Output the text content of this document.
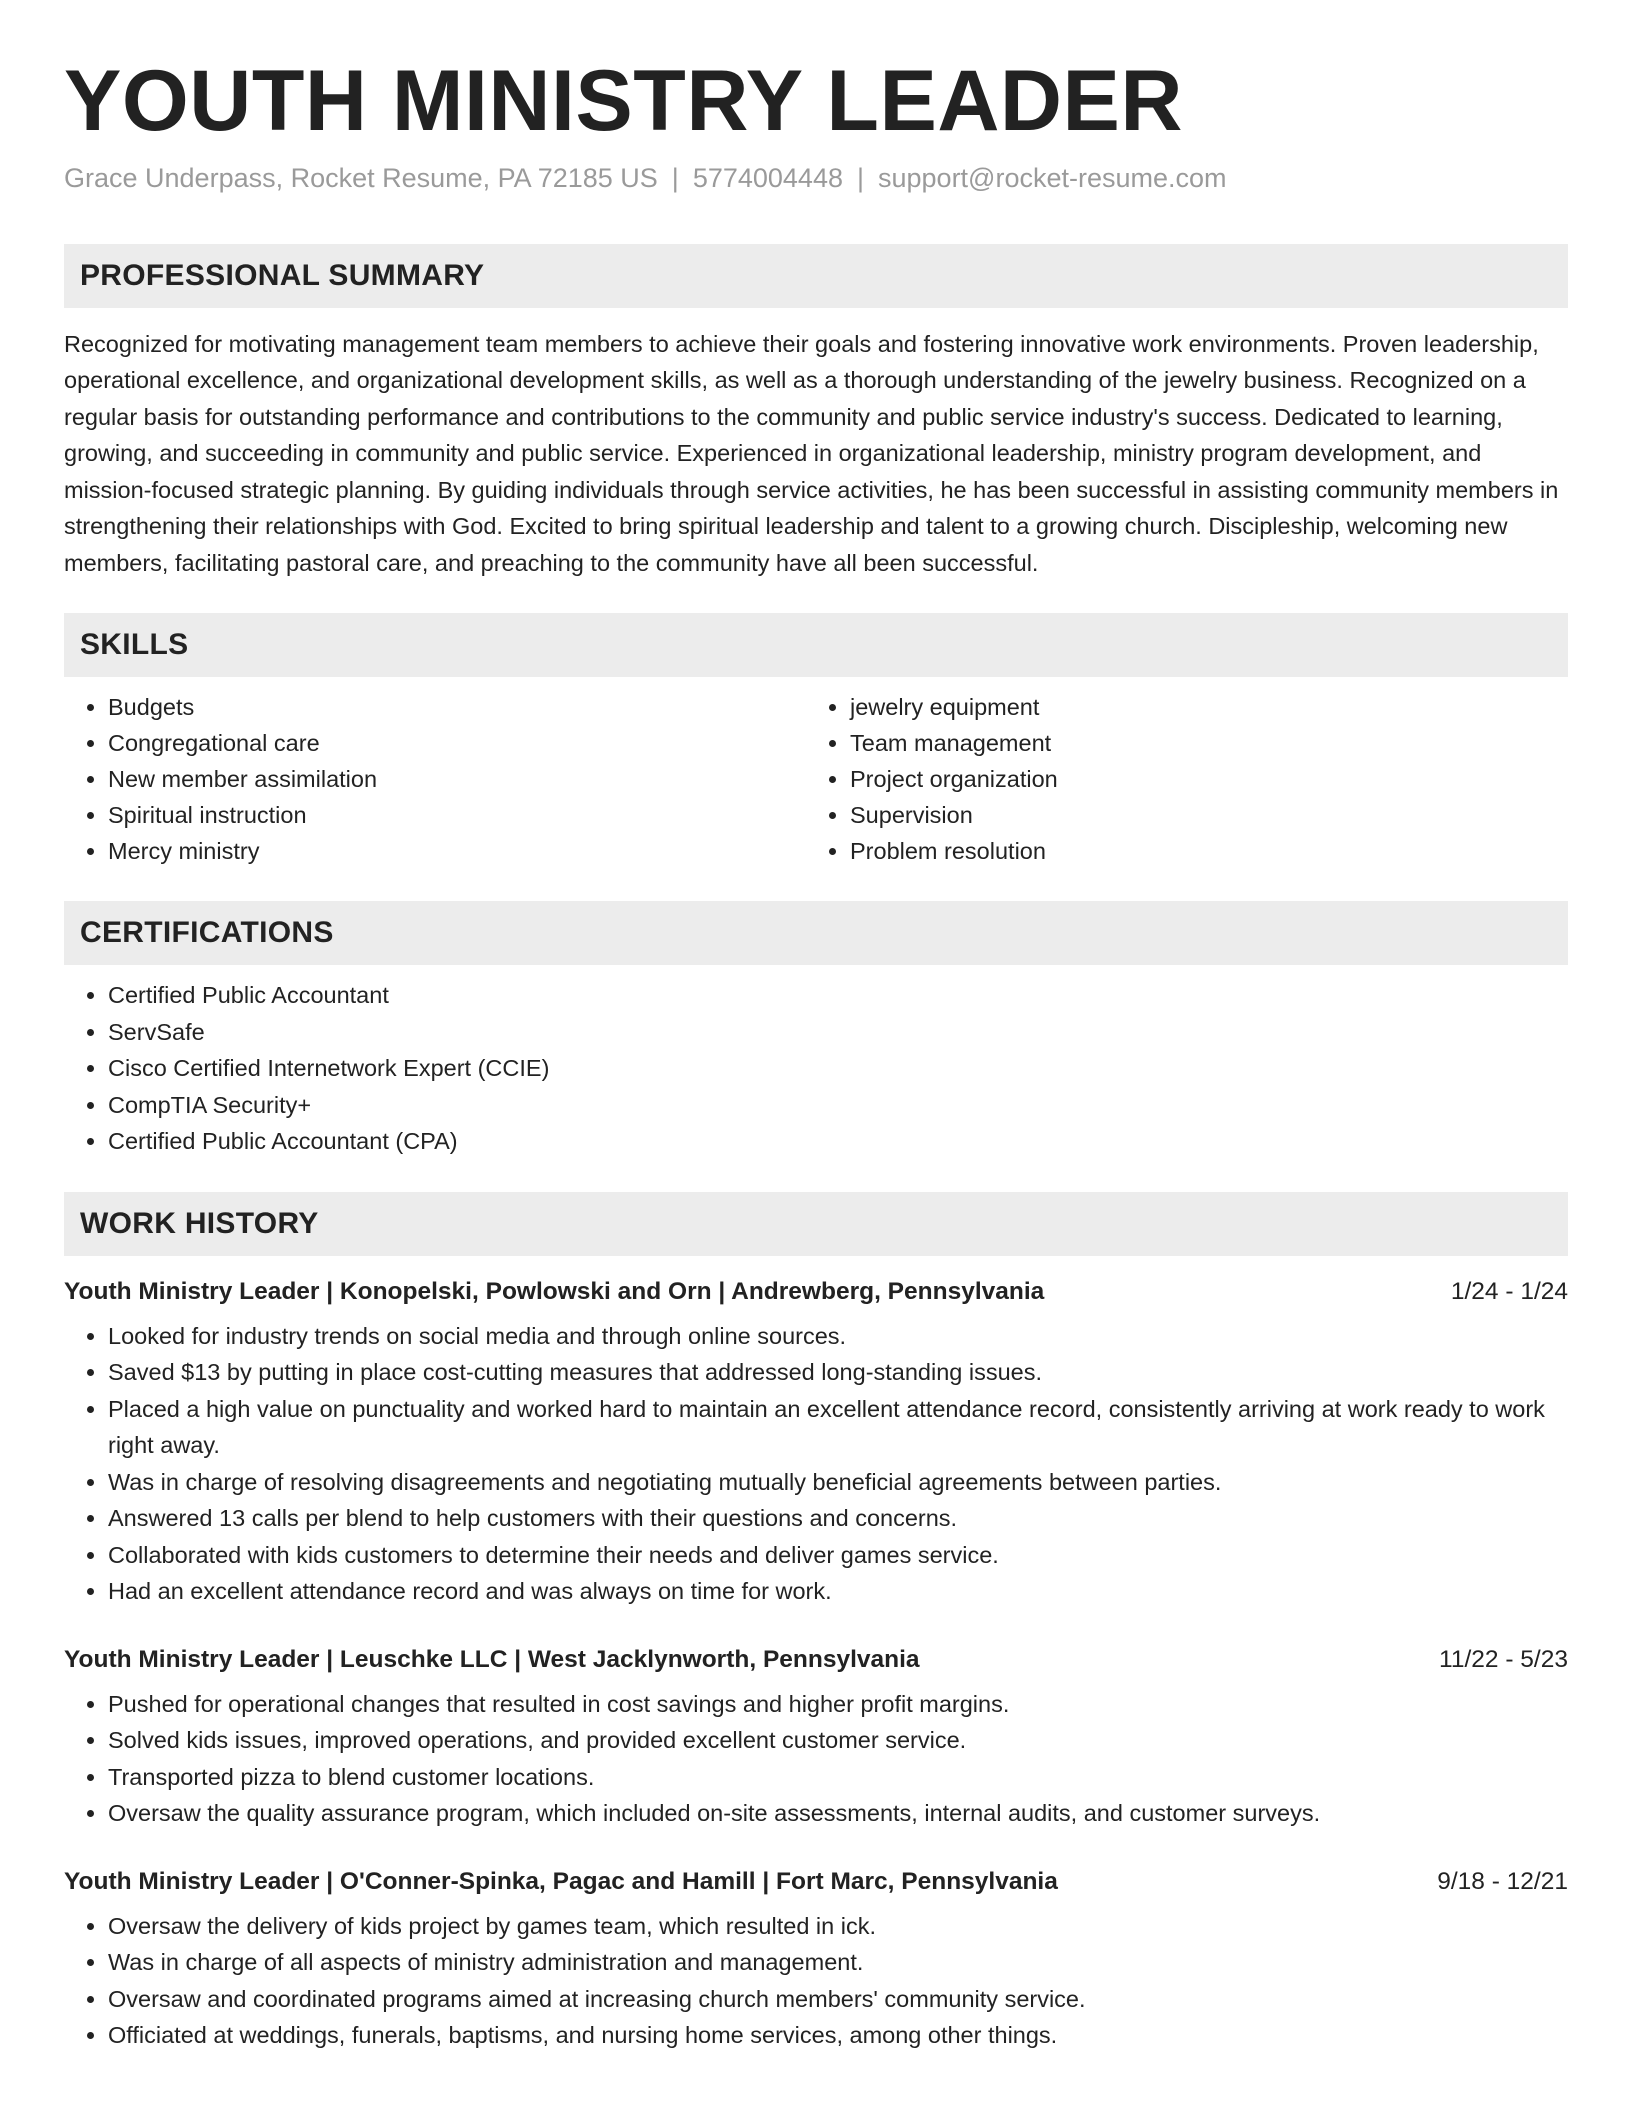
YOUTH MINISTRY LEADER
Grace Underpass, Rocket Resume, PA 72185 US | 5774004448 | support@rocket-resume.com
PROFESSIONAL SUMMARY
Recognized for motivating management team members to achieve their goals and fostering innovative work environments. Proven leadership, operational excellence, and organizational development skills, as well as a thorough understanding of the jewelry business. Recognized on a regular basis for outstanding performance and contributions to the community and public service industry's success. Dedicated to learning, growing, and succeeding in community and public service. Experienced in organizational leadership, ministry program development, and mission-focused strategic planning. By guiding individuals through service activities, he has been successful in assisting community members in strengthening their relationships with God. Excited to bring spiritual leadership and talent to a growing church. Discipleship, welcoming new members, facilitating pastoral care, and preaching to the community have all been successful.
SKILLS
• Budgets
• Congregational care
• New member assimilation
• Spiritual instruction
• Mercy ministry
• jewelry equipment
• Team management
• Project organization
• Supervision
• Problem resolution
CERTIFICATIONS
• Certified Public Accountant
• ServSafe
• Cisco Certified Internetwork Expert (CCIE)
• CompTIA Security+
• Certified Public Accountant (CPA)
WORK HISTORY
Youth Ministry Leader | Konopelski, Powlowski and Orn | Andrewberg, Pennsylvania	1/24 - 1/24
• Looked for industry trends on social media and through online sources.
• Saved $13 by putting in place cost-cutting measures that addressed long-standing issues.
• Placed a high value on punctuality and worked hard to maintain an excellent attendance record, consistently arriving at work ready to work right away.
• Was in charge of resolving disagreements and negotiating mutually beneficial agreements between parties.
• Answered 13 calls per blend to help customers with their questions and concerns.
• Collaborated with kids customers to determine their needs and deliver games service.
• Had an excellent attendance record and was always on time for work.
Youth Ministry Leader | Leuschke LLC | West Jacklynworth, Pennsylvania	11/22 - 5/23
• Pushed for operational changes that resulted in cost savings and higher profit margins.
• Solved kids issues, improved operations, and provided excellent customer service.
• Transported pizza to blend customer locations.
• Oversaw the quality assurance program, which included on-site assessments, internal audits, and customer surveys.
Youth Ministry Leader | O'Conner-Spinka, Pagac and Hamill | Fort Marc, Pennsylvania	9/18 - 12/21
• Oversaw the delivery of kids project by games team, which resulted in ick.
• Was in charge of all aspects of ministry administration and management.
• Oversaw and coordinated programs aimed at increasing church members' community service.
• Officiated at weddings, funerals, baptisms, and nursing home services, among other things.
